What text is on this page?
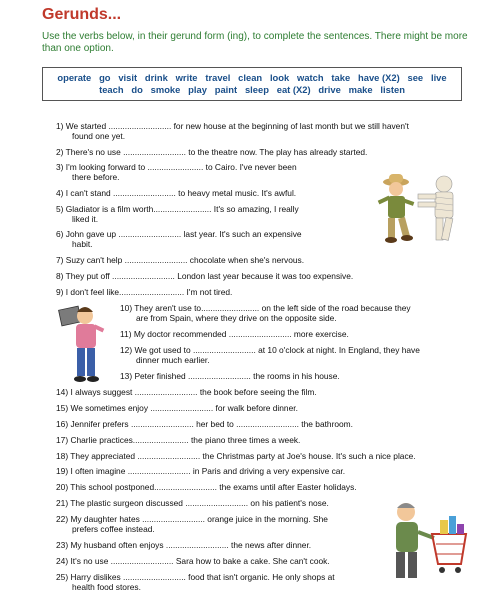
Gerunds...
Use the verbs below, in their gerund form (ing), to complete the sentences. There might be more than one option.
operate   go   visit   drink   write   travel   clean   look   watch   take   have (X2)   see   live
teach   do   smoke   play   paint   sleep   eat (X2)   drive   make   listen
1) We started ........................... for new house at the beginning of last month but we still haven't
found one yet.
2) There's no use ........................... to the theatre now. The play has already started.
3) I'm looking forward to ........................ to Cairo. I've never been
there before.
4) I can't stand ........................... to heavy metal music. It's awful.
5) Gladiator is a film worth......................... It's so amazing, I really
liked it.
6) John gave up ........................... last year. It's such an expensive
habit.
7) Suzy can't help ........................... chocolate when she's nervous.
8) They put off ........................... London last year because it was too expensive.
9) I don't feel like............................ I'm not tired.
10) They aren't use to......................... on the left side of the road because they
are from Spain, where they drive on the opposite side.
11) My doctor recommended ........................... more exercise.
12) We got used to ........................... at 10 o'clock at night. In England, they have
dinner much earlier.
13) Peter finished ........................... the rooms in his house.
14) I always suggest ........................... the book before seeing the film.
15) We sometimes enjoy ........................... for walk before dinner.
16) Jennifer prefers ........................... her bed to ........................... the bathroom.
17) Charlie practices........................ the piano three times a week.
18) They appreciated ........................... the Christmas party at Joe's house. It's such a nice place.
19) I often imagine ........................... in Paris and driving a very expensive car.
20) This school postponed........................... the exams until after Easter holidays.
21) The plastic surgeon discussed ........................... on his patient's nose.
22) My daughter hates ........................... orange juice in the morning. She
prefers coffee instead.
23) My husband often enjoys ........................... the news after dinner.
24) It's no use ........................... Sara how to bake a cake. She can't cook.
25) Harry dislikes ........................... food that isn't organic. He only shops at
health food stores.
